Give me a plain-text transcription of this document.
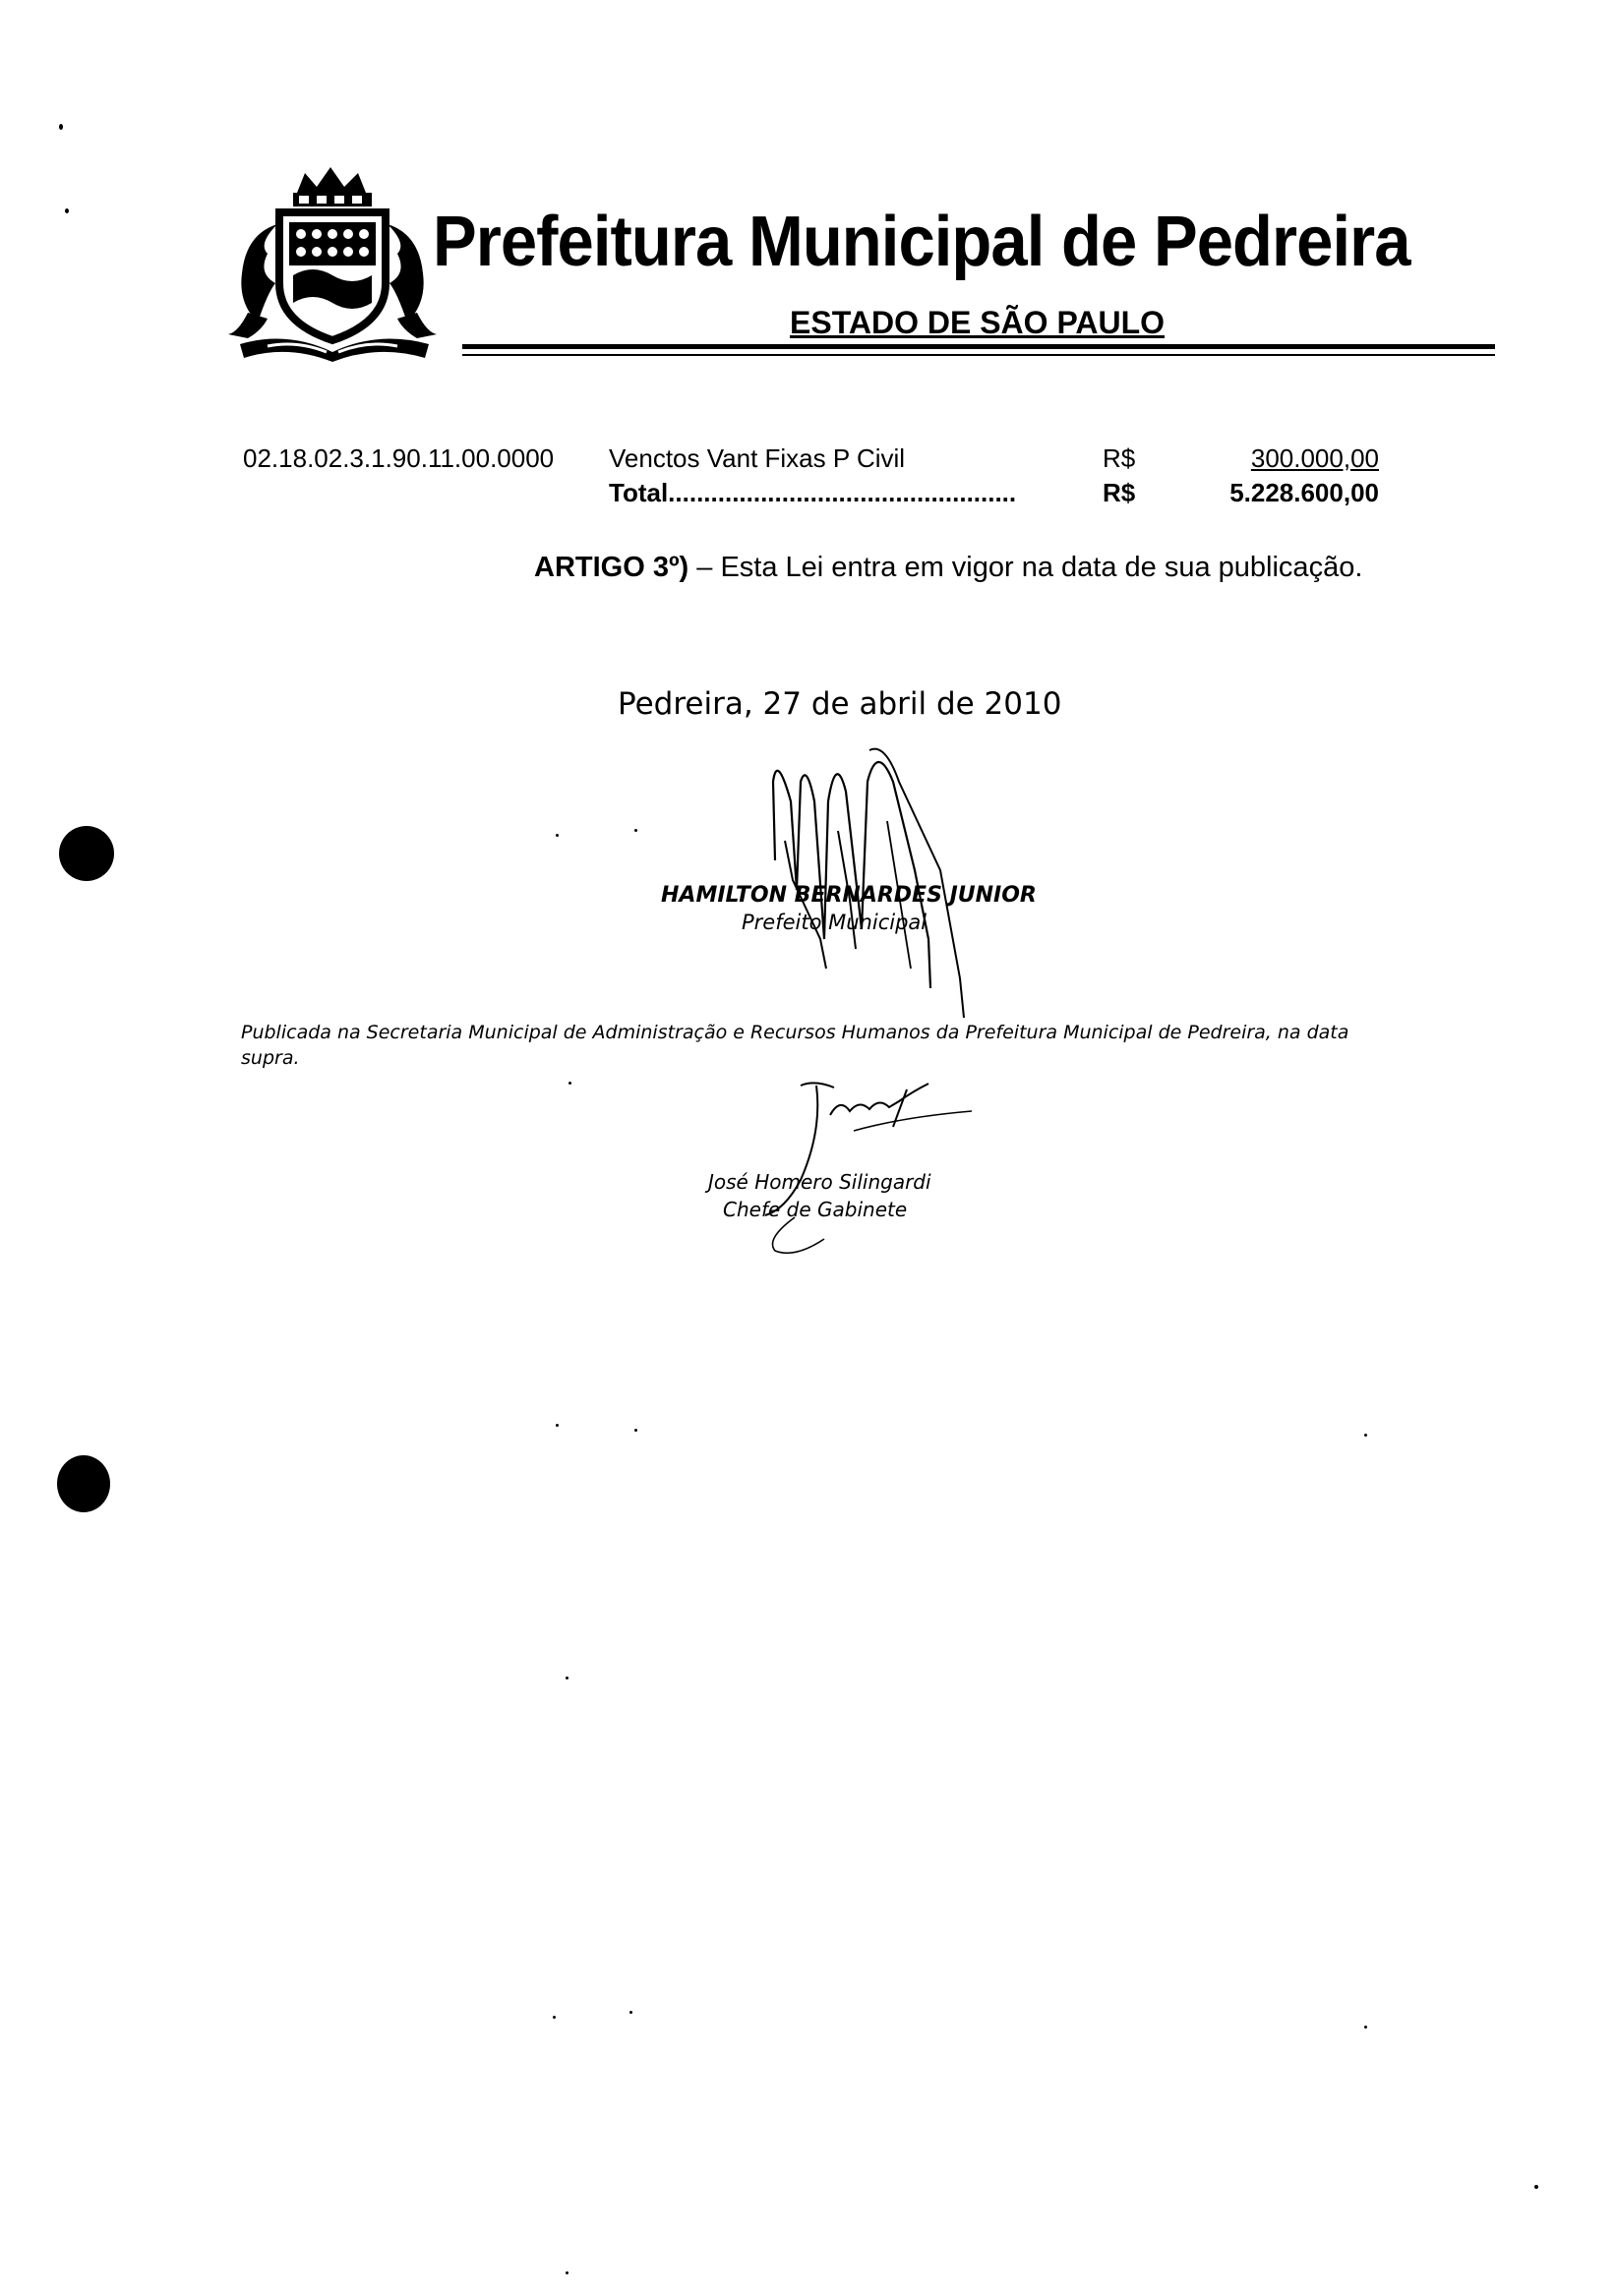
Prefeitura Municipal de Pedreira
ESTADO DE SÃO PAULO
02.18.02.3.1.90.11.00.0000 Venctos Vant Fixas P Civil	R$	300.000,00
Total.................................................	R$	5.228.600,00
ARTIGO 3º) – Esta Lei entra em vigor na data de sua publicação.
Pedreira, 27 de abril de 2010
HAMILTON BERNARDES JUNIOR
Prefeito Municipal
Publicada na Secretaria Municipal de Administração e Recursos Humanos da Prefeitura Municipal de Pedreira, na data supra.
José Homero Silingardi
Chefe de Gabinete
